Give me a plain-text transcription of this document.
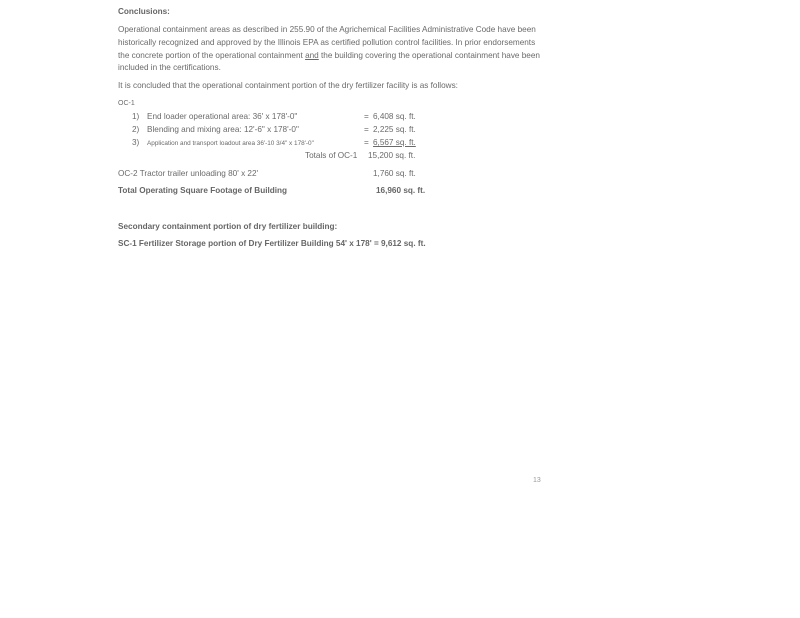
Conclusions:
Operational containment areas as described in 255.90 of the Agrichemical Facilities Administrative Code have been historically recognized and approved by the Illinois EPA as certified pollution control facilities. In prior endorsements the concrete portion of the operational containment and the building covering the operational containment have been included in the certifications.
It is concluded that the operational containment portion of the dry fertilizer facility is as follows:
OC-1
1) End loader operational area: 36' x 178'-0"	= 6,408 sq. ft.
2) Blending and mixing area: 12'-6" x 178'-0"	= 2,225 sq. ft.
3) Application and transport loadout area 36'-10 3/4" x 178'-0"	= 6,567 sq. ft.
Totals of OC-1 15,200 sq. ft.
OC-2 Tractor trailer unloading 80' x 22'	1,760 sq. ft.
Total Operating Square Footage of Building	16,960 sq. ft.
Secondary containment portion of dry fertilizer building:
SC-1 Fertilizer Storage portion of Dry Fertilizer Building 54' x 178' = 9,612 sq. ft.
13
